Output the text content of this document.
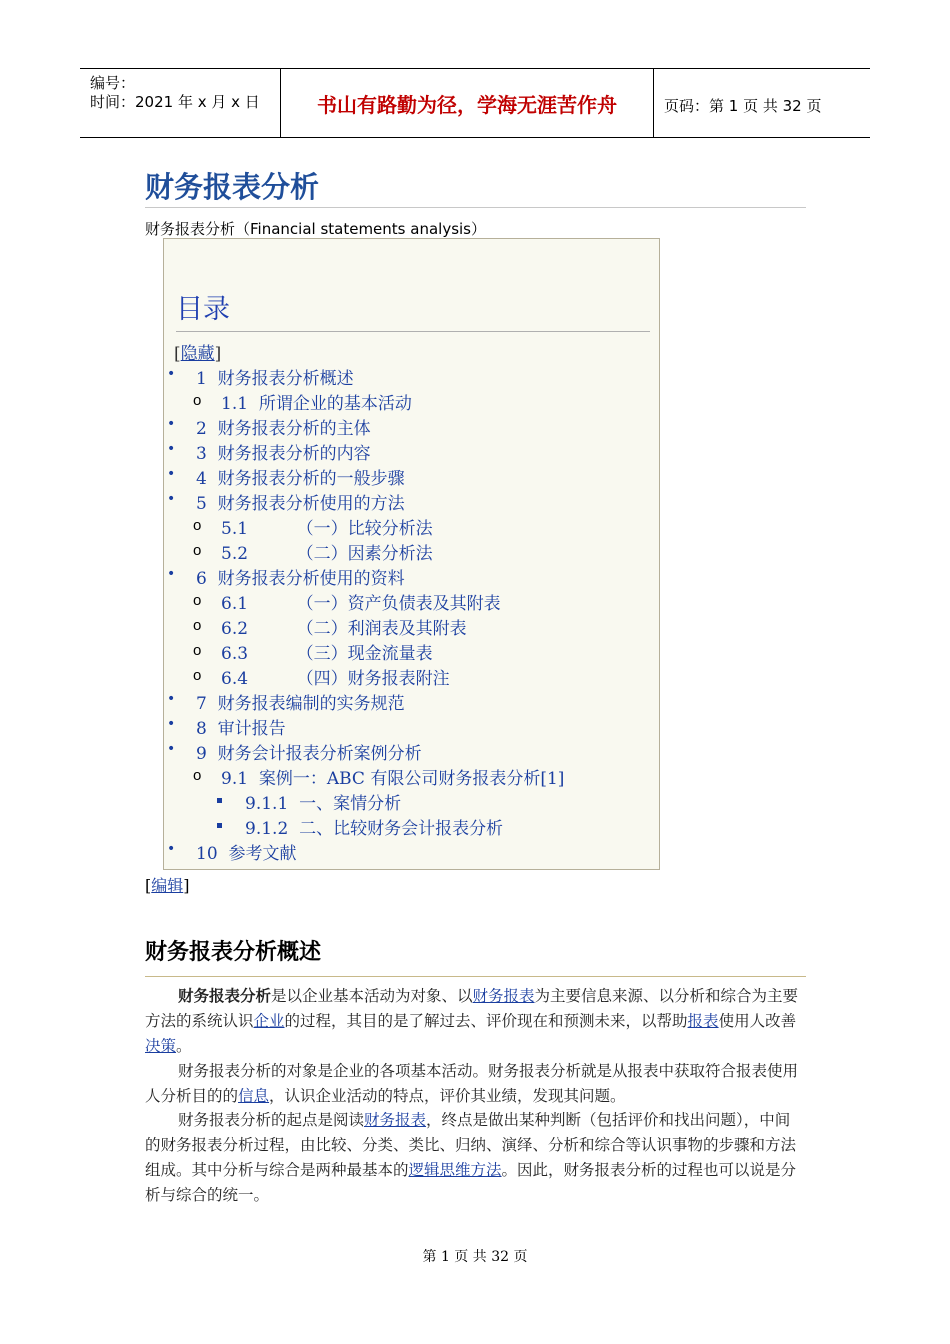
编号：
时间：2021 年 x 月 x 日	书山有路勤为径，学海无涯苦作舟	页码：第 1 页 共 32 页
财务报表分析
财务报表分析（Financial statements analysis）
目录
[隐藏]
• 1  财务报表分析概述
o 1.1  所谓企业的基本活动
• 2  财务报表分析的主体
• 3  财务报表分析的内容
• 4  财务报表分析的一般步骤
• 5  财务报表分析使用的方法
o 5.1         （一）比较分析法
o 5.2         （二）因素分析法
• 6  财务报表分析使用的资料
o 6.1         （一）资产负债表及其附表
o 6.2         （二）利润表及其附表
o 6.3         （三）现金流量表
o 6.4         （四）财务报表附注
• 7  财务报表编制的实务规范
• 8  审计报告
• 9  财务会计报表分析案例分析
o 9.1  案例一：ABC 有限公司财务报表分析[1]
9.1.1  一、案情分析
9.1.2  二、比较财务会计报表分析
• 10  参考文献
[编辑]
财务报表分析概述
财务报表分析是以企业基本活动为对象、以财务报表为主要信息来源、以分析和综合为主要方法的系统认识企业的过程，其目的是了解过去、评价现在和预测未来，以帮助报表使用人改善决策。
财务报表分析的对象是企业的各项基本活动。财务报表分析就是从报表中获取符合报表使用人分析目的的信息，认识企业活动的特点，评价其业绩，发现其问题。
财务报表分析的起点是阅读财务报表，终点是做出某种判断（包括评价和找出问题），中间的财务报表分析过程，由比较、分类、类比、归纳、演绎、分析和综合等认识事物的步骤和方法组成。其中分析与综合是两种最基本的逻辑思维方法。因此，财务报表分析的过程也可以说是分析与综合的统一。
第 1 页 共 32 页
